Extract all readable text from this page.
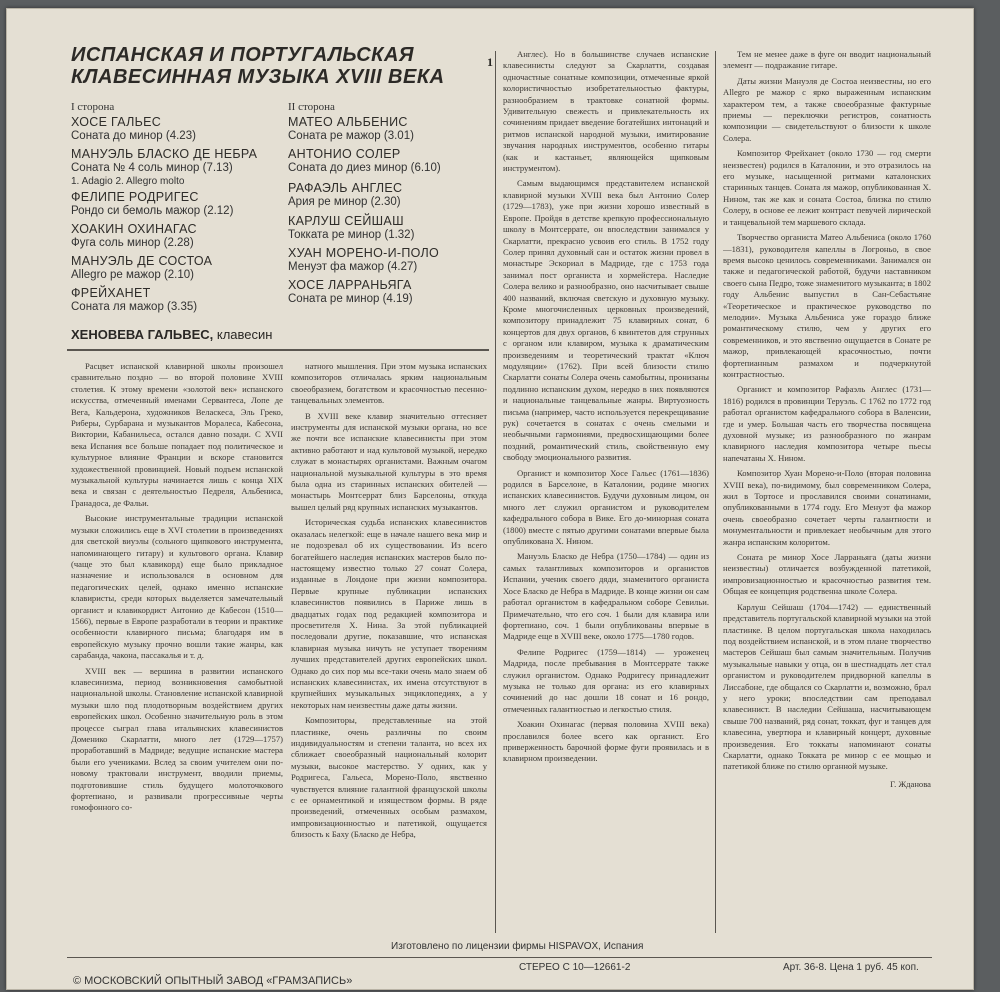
ИСПАНСКАЯ И ПОРТУГАЛЬСКАЯ
КЛАВЕСИННАЯ МУЗЫКА XVIII ВЕКА
1
I сторона
ХОСЕ ГАЛЬЕС
Соната до минор (4.23)
МАНУЭЛЬ БЛАСКО ДЕ НЕБРА
Соната № 4 соль минор (7.13)
1. Adagio 2. Allegro molto
ФЕЛИПЕ РОДРИГЕС
Рондо си бемоль мажор (2.12)
ХОАКИН ОХИНАГАС
Фуга соль минор (2.28)
МАНУЭЛЬ ДЕ СОСТОА
Allegro ре мажор (2.10)
ФРЕЙХАНЕТ
Соната ля мажор (3.35)
II сторона
МАТЕО АЛЬБЕНИС
Соната ре мажор (3.01)
АНТОНИО СОЛЕР
Соната до диез минор (6.10)
РАФАЭЛЬ АНГЛЕС
Ария ре минор (2.30)
КАРЛУШ СЕЙШАШ
Токката ре минор (1.32)
ХУАН МОРЕНО-И-ПОЛО
Менуэт фа мажор (4.27)
ХОСЕ ЛАРРАНЬЯГА
Соната ре минор (4.19)
ХЕНОВЕВА ГАЛЬВЕС, клавесин

Расцвет испанской клавирной школы произошел сравнительно поздно — во второй половине XVIII столетия. К этому времени «золотой век» испанского искусства, отмеченный именами Сервантеса, Лопе де Вега, Кальдерона, художников Веласкеса, Эль Греко, Риберы, Сурбарана и музыкантов Моралеса, Кабесона, Виктории, Кабанильеса, остался давно позади. С XVII века Испания все больше попадает под политическое и культурное влияние Франции и вскоре становится художественной провинцией. Новый подъем испанской музыкальной культуры начинается лишь с конца XIX века и связан с деятельностью Педреля, Альбениса, Гранадоса, де Фальи.

Высокие инструментальные традиции испанской музыки сложились еще в XVI столетии в произведениях для светской виуэлы (сольного щипкового инструмента, напоминающего гитару) и культового органа. Клавир (чаще это был клавикорд) еще было прикладное назначение и использовался в основном для педагогических целей, однако именно испанские клавиристы, среди которых выделяется замечательный органист и клавикордист Антонио де Кабесон (1510—1566), первые в Европе разработали в теории и практике особенности клавирного письма; благодаря им в европейскую музыку прочно вошли такие жанры, как сарабанда, чакона, пассакалья и т. д.

XVIII век — вершина в развитии испанского клавесинизма, период возникновения самобытной национальной школы. Становление испанской клавирной музыки шло под плодотворным воздействием других европейских школ. Особенно значительную роль в этом процессе сыграл глава итальянских клавесинистов Доменико Скарлатти, много лет (1729—1757) проработавший в Мадриде; ведущие испанские мастера были его учениками. Вслед за своим учителем они по-новому трактовали инструмент, вводили приемы, подготовившие стиль будущего молоточкового фортепиано, и развивали прогрессивные черты гомофонного со-

натного мышления. При этом музыка испанских композиторов отличалась ярким национальным своеобразием, богатством и красочностью песенно-танцевальных элементов.

В XVIII веке клавир значительно оттесняет инструменты для испанской музыки органа, но все же почти все испанские клавесинисты при этом активно работают и над культовой музыкой, нередко служат в монастырях органистами. Важным очагом национальной музыкальной культуры в это время была одна из старинных испанских обителей — монастырь Монтсеррат близ Барселоны, откуда вышел целый ряд крупных испанских музыкантов.

Историческая судьба испанских клавесинистов оказалась нелегкой: еще в начале нашего века мир и не подозревал об их существовании. Из всего богатейшего наследия испанских мастеров было по-настоящему известно только 27 сонат Солера, изданные в Лондоне при жизни композитора. Первые крупные публикации испанских клавесинистов появились в Париже лишь в двадцатых годах под редакцией композитора и просветителя Х. Нина. За этой публикацией последовали другие, показавшие, что испанская клавирная музыка ничуть не уступает творениям лучших представителей других европейских школ. Однако до сих пор мы все-таки очень мало знаем об испанских клавесинистах, их имена отсутствуют в крупнейших музыкальных энциклопедиях, а у некоторых нам неизвестны даже даты жизни.

Композиторы, представленные на этой пластинке, очень различны по своим индивидуальностям и степени таланта, но всех их сближает своеобразный национальный колорит музыки, высокое мастерство. У одних, как у Родригеса, Гальеса, Морено-Поло, явственно чувствуется влияние галантной французской школы с ее орнаментикой и изяществом формы. В ряде произведений, отмеченных особым размахом, импровизационностью и патетикой, ощущается близость к Баху (Бласко де Небра,

Англес). Но в большинстве случаев испанские клавесинисты следуют за Скарлатти, создавая одночастные сонатные композиции, отмеченные яркой колористичностью изобретательностью фактуры, разнообразием в трактовке сонатной формы. Удивительную свежесть и привлекательность их сочинениям придает введение богатейших интонаций и ритмов испанской народной музыки, имитирование звучания народных инструментов, особенно гитары (как и кастаньет, являющейся щипковым инструментом).

Самым выдающимся представителем испанской клавирной музыки XVIII века был Антонио Солер (1729—1783), уже при жизни хорошо известный в Европе. Пройдя в детстве крепкую профессиональную школу в Монтсеррате, он впоследствии занимался у Скарлатти, прекрасно усвоив его стиль. В 1752 году Солер принял духовный сан и остаток жизни провел в монастыре Эскориал в Мадриде, где с 1753 года занимал пост органиста и хормейстера. Наследие Солера велико и разнообразно, оно насчитывает свыше 400 названий, включая светскую и духовную музыку. Кроме многочисленных церковных произведений, композитору принадлежит 75 клавирных сонат, 6 концертов для двух органов, 6 квинтетов для струнных с органом или клавиром, музыка к драматическим произведениям и теоретический трактат «Ключ модуляции» (1762). При всей близости стилю Скарлатти сонаты Солера очень самобытны, пронизаны подлинно испанским духом, нередко в них появляются и национальные танцевальные жанры. Виртуозность письма (например, часто используется перекрещивание рук) сочетается в сонатах с очень смелыми и необычными гармониями, предвосхищающими более поздний, романтический стиль, свойственную ему свободу эмоционального развития.

Органист и композитор Хосе Гальес (1761—1836) родился в Барселоне, в Каталонии, родине многих испанских клавесинистов. Будучи духовным лицом, он много лет служил органистом и руководителем кафедрального собора в Вике. Его до-минорная соната (1800) вместе с пятью другими сонатами впервые была опубликована Х. Нином.

Мануэль Бласко де Небра (1750—1784) — один из самых талантливых композиторов и органистов Испании, ученик своего дяди, знаменитого органиста Хосе Бласко де Небра в Мадриде. В конце жизни он сам работал органистом в кафедральном соборе Севильи. Примечательно, что его соч. 1 были для клавира или фортепиано, соч. 1 были опубликованы впервые в Мадриде еще в XVIII веке, около 1775—1780 годов.

Фелипе Родригес (1759—1814) — уроженец Мадрида, после пребывания в Монтсеррате также служил органистом. Однако Родригесу принадлежит музыка не только для органа: из его клавирных сочинений до нас дошли 18 сонат и 16 рондо, отмеченных галантностью и легкостью стиля.

Хоакин Охинагас (первая половина XVIII века) прославился более всего как органист. Его приверженность барочной форме фуги проявилась и в клавирном произведении.

Тем не менее даже в фуге он вводит национальный элемент — подражание гитаре.

Даты жизни Мануэля де Состоа неизвестны, но его Allegro ре мажор с ярко выраженным испанским характером тем, а также своеобразные фактурные приемы — переключки регистров, сонатность композиции — свидетельствуют о близости к школе Солера.

Композитор Фрейханет (около 1730 — год смерти неизвестен) родился в Каталонии, и это отразилось на его музыке, насыщенной ритмами каталонских старинных танцев. Соната ля мажор, опубликованная Х. Нином, так же как и соната Состоа, близка по стилю Солеру, в основе ее лежит контраст певучей лирической и танцевальной тем маршевого склада.

Творчество органиста Матео Альбениса (около 1760—1831), руководителя капеллы в Логроньо, в свое время высоко ценилось современниками. Занимался он также и педагогической работой, будучи наставником своего сына Педро, тоже знаменитого музыканта; в 1802 году Альбенис выпустил в Сан-Себастьяне «Теоретическое и практическое руководство по мелодии». Музыка Альбениса уже гораздо ближе романтическому стилю, чем у других его современников, и это явственно ощущается в Сонате ре мажор, привлекающей красочностью, почти фортепианным размахом и подчеркнутой контрастностью.

Органист и композитор Рафаэль Англес (1731—1816) родился в провинции Теруэль. С 1762 по 1772 год работал органистом кафедрального собора в Валенсии, где и умер. Большая часть его творчества посвящена духовной музыке; из разнообразного по жанрам клавирного наследия композитора четыре пьесы напечатаны Х. Нином.

Композитор Хуан Морено-и-Поло (вторая половина XVIII века), по-видимому, был современником Солера, жил в Тортосе и прославился своими сонатинами, опубликованными в 1774 году. Его Менуэт фа мажор очень своеобразно сочетает черты галантности и монументальности и привлекает необычным для этого жанра испанским колоритом.

Соната ре минор Хосе Ларраньяга (даты жизни неизвестны) отличается возбужденной патетикой, импровизационностью и красочностью развития тем. Общая ее концепция родственна школе Солера.

Карлуш Сейшаш (1704—1742) — единственный представитель португальской клавирной музыки на этой пластинке. В целом португальская школа находилась под воздействием испанской, и в этом плане творчество мастеров Сейшаш был самым значительным. Получив музыкальные навыки у отца, он в шестнадцать лет стал органистом и руководителем придворной капеллы в Лиссабоне, где общался со Скарлатти и, возможно, брал у него уроки; впоследствии сам преподавал клавесинист. В наследии Сейшаша, насчитывающем свыше 700 названий, ряд сонат, токкат, фуг и танцев для клавесина, увертюра и клавирный концерт, духовные произведения. Его токкаты напоминают сонаты Скарлатти, однако Токката ре минор с ее мощью и патетикой ближе по стилю органной музыке.

Г. Жданова

Изготовлено по лицензии фирмы HISPAVOX, Испания
СТЕРЕО С 10—12661-2	Арт. 36-8. Цена 1 руб. 45 коп.
© МОСКОВСКИЙ ОПЫТНЫЙ ЗАВОД «ГРАМЗАПИСЬ»
